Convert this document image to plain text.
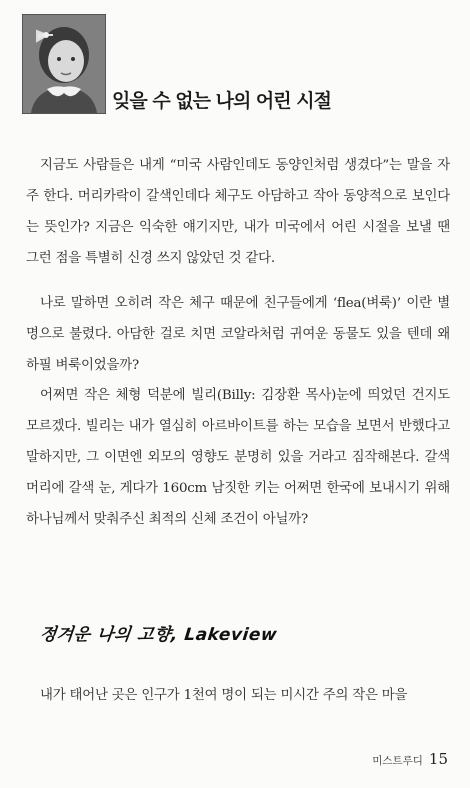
잊을 수 없는 나의 어린 시절

지금도 사람들은 내게 “미국 사람인데도 동양인처럼 생겼다”는 말을 자주 한다. 머리카락이 갈색인데다 체구도 아담하고 작아 동양적으로 보인다는 뜻인가? 지금은 익숙한 얘기지만, 내가 미국에서 어린 시절을 보낼 땐 그런 점을 특별히 신경 쓰지 않았던 것 같다.

나로 말하면 오히려 작은 체구 때문에 친구들에게 ‘flea(벼룩)’ 이란 별명으로 불렸다. 아담한 걸로 치면 코알라처럼 귀여운 동물도 있을 텐데 왜 하필 벼룩이었을까?

어쩌면 작은 체형 덕분에 빌리(Billy: 김장환 목사)눈에 띄었던 건지도 모르겠다. 빌리는 내가 열심히 아르바이트를 하는 모습을 보면서 반했다고 말하지만, 그 이면엔 외모의 영향도 분명히 있을 거라고 짐작해본다. 갈색 머리에 갈색 눈, 게다가 160cm 남짓한 키는 어쩌면 한국에 보내시기 위해 하나님께서 맞춰주신 최적의 신체 조건이 아닐까?

정겨운 나의 고향, Lakeview

내가 태어난 곳은 인구가 1천여 명이 되는 미시간 주의 작은 마을

미스트루디 15
